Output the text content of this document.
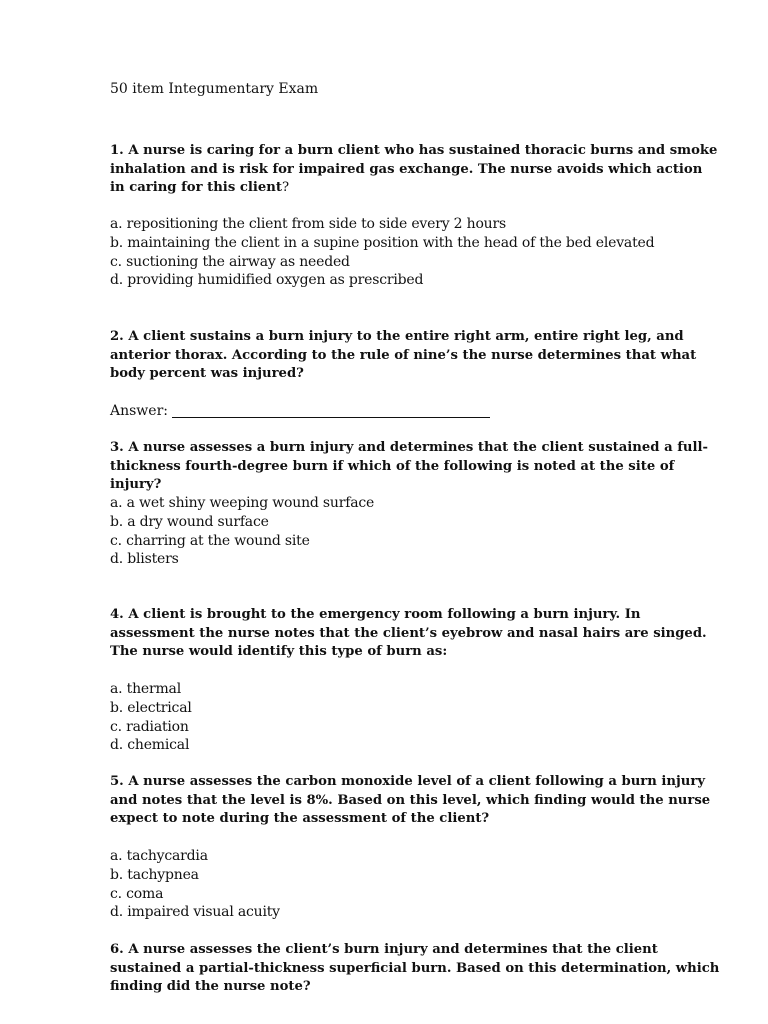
50 item Integumentary Exam

1. A nurse is caring for a burn client who has sustained thoracic burns and smoke inhalation and is risk for impaired gas exchange. The nurse avoids which action in caring for this client?

a. repositioning the client from side to side every 2 hours
b. maintaining the client in a supine position with the head of the bed elevated
c. suctioning the airway as needed
d. providing humidified oxygen as prescribed

2. A client sustains a burn injury to the entire right arm, entire right leg, and anterior thorax. According to the rule of nine’s the nurse determines that what body percent was injured?

Answer:

3. A nurse assesses a burn injury and determines that the client sustained a full-thickness fourth-degree burn if which of the following is noted at the site of injury?

a. a wet shiny weeping wound surface
b. a dry wound surface
c. charring at the wound site
d. blisters

4. A client is brought to the emergency room following a burn injury. In assessment the nurse notes that the client’s eyebrow and nasal hairs are singed. The nurse would identify this type of burn as:

a. thermal
b. electrical
c. radiation
d. chemical

5. A nurse assesses the carbon monoxide level of a client following a burn injury and notes that the level is 8%. Based on this level, which finding would the nurse expect to note during the assessment of the client?

a. tachycardia
b. tachypnea
c. coma
d. impaired visual acuity

6. A nurse assesses the client’s burn injury and determines that the client sustained a partial-thickness superficial burn. Based on this determination, which finding did the nurse note?
